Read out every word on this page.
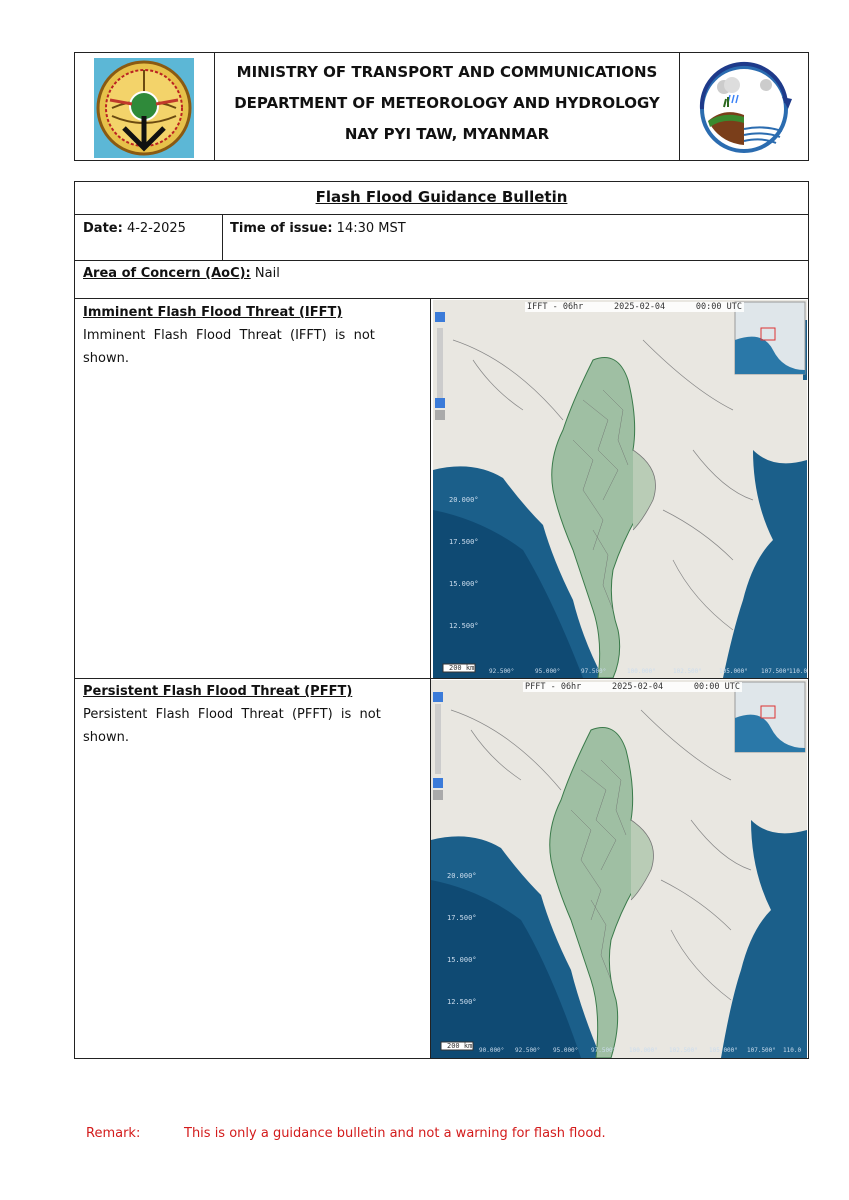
MINISTRY OF TRANSPORT AND COMMUNICATIONS
DEPARTMENT OF METEOROLOGY AND HYDROLOGY
NAY PYI TAW, MYANMAR
Flash Flood Guidance Bulletin
Date: 4-2-2025	Time of issue: 14:30 MST
Area of Concern (AoC): Nail
Imminent Flash Flood Threat (IFFT)
Imminent  Flash  Flood  Threat  (IFFT)  is  not
shown.
IFFT - 06hr      2025-02-04      00:00 UTC
200 km
20.000°
17.500°
15.000°
12.500°
92.500°	95.000°	97.500°	100.000°	102.500°	105.000°	107.500° 110.0
Persistent Flash Flood Threat (PFFT)
Persistent  Flash  Flood  Threat  (PFFT)  is  not
shown.
PFFT - 06hr      2025-02-04      00:00 UTC
200 km
20.000°
17.500°
15.000°
12.500°
90.000°	92.500°	95.000°	97.500°	100.000°	102.500°	105.000°	107.500°	110.0
Remark:	This is only a guidance bulletin and not a warning for flash flood.
